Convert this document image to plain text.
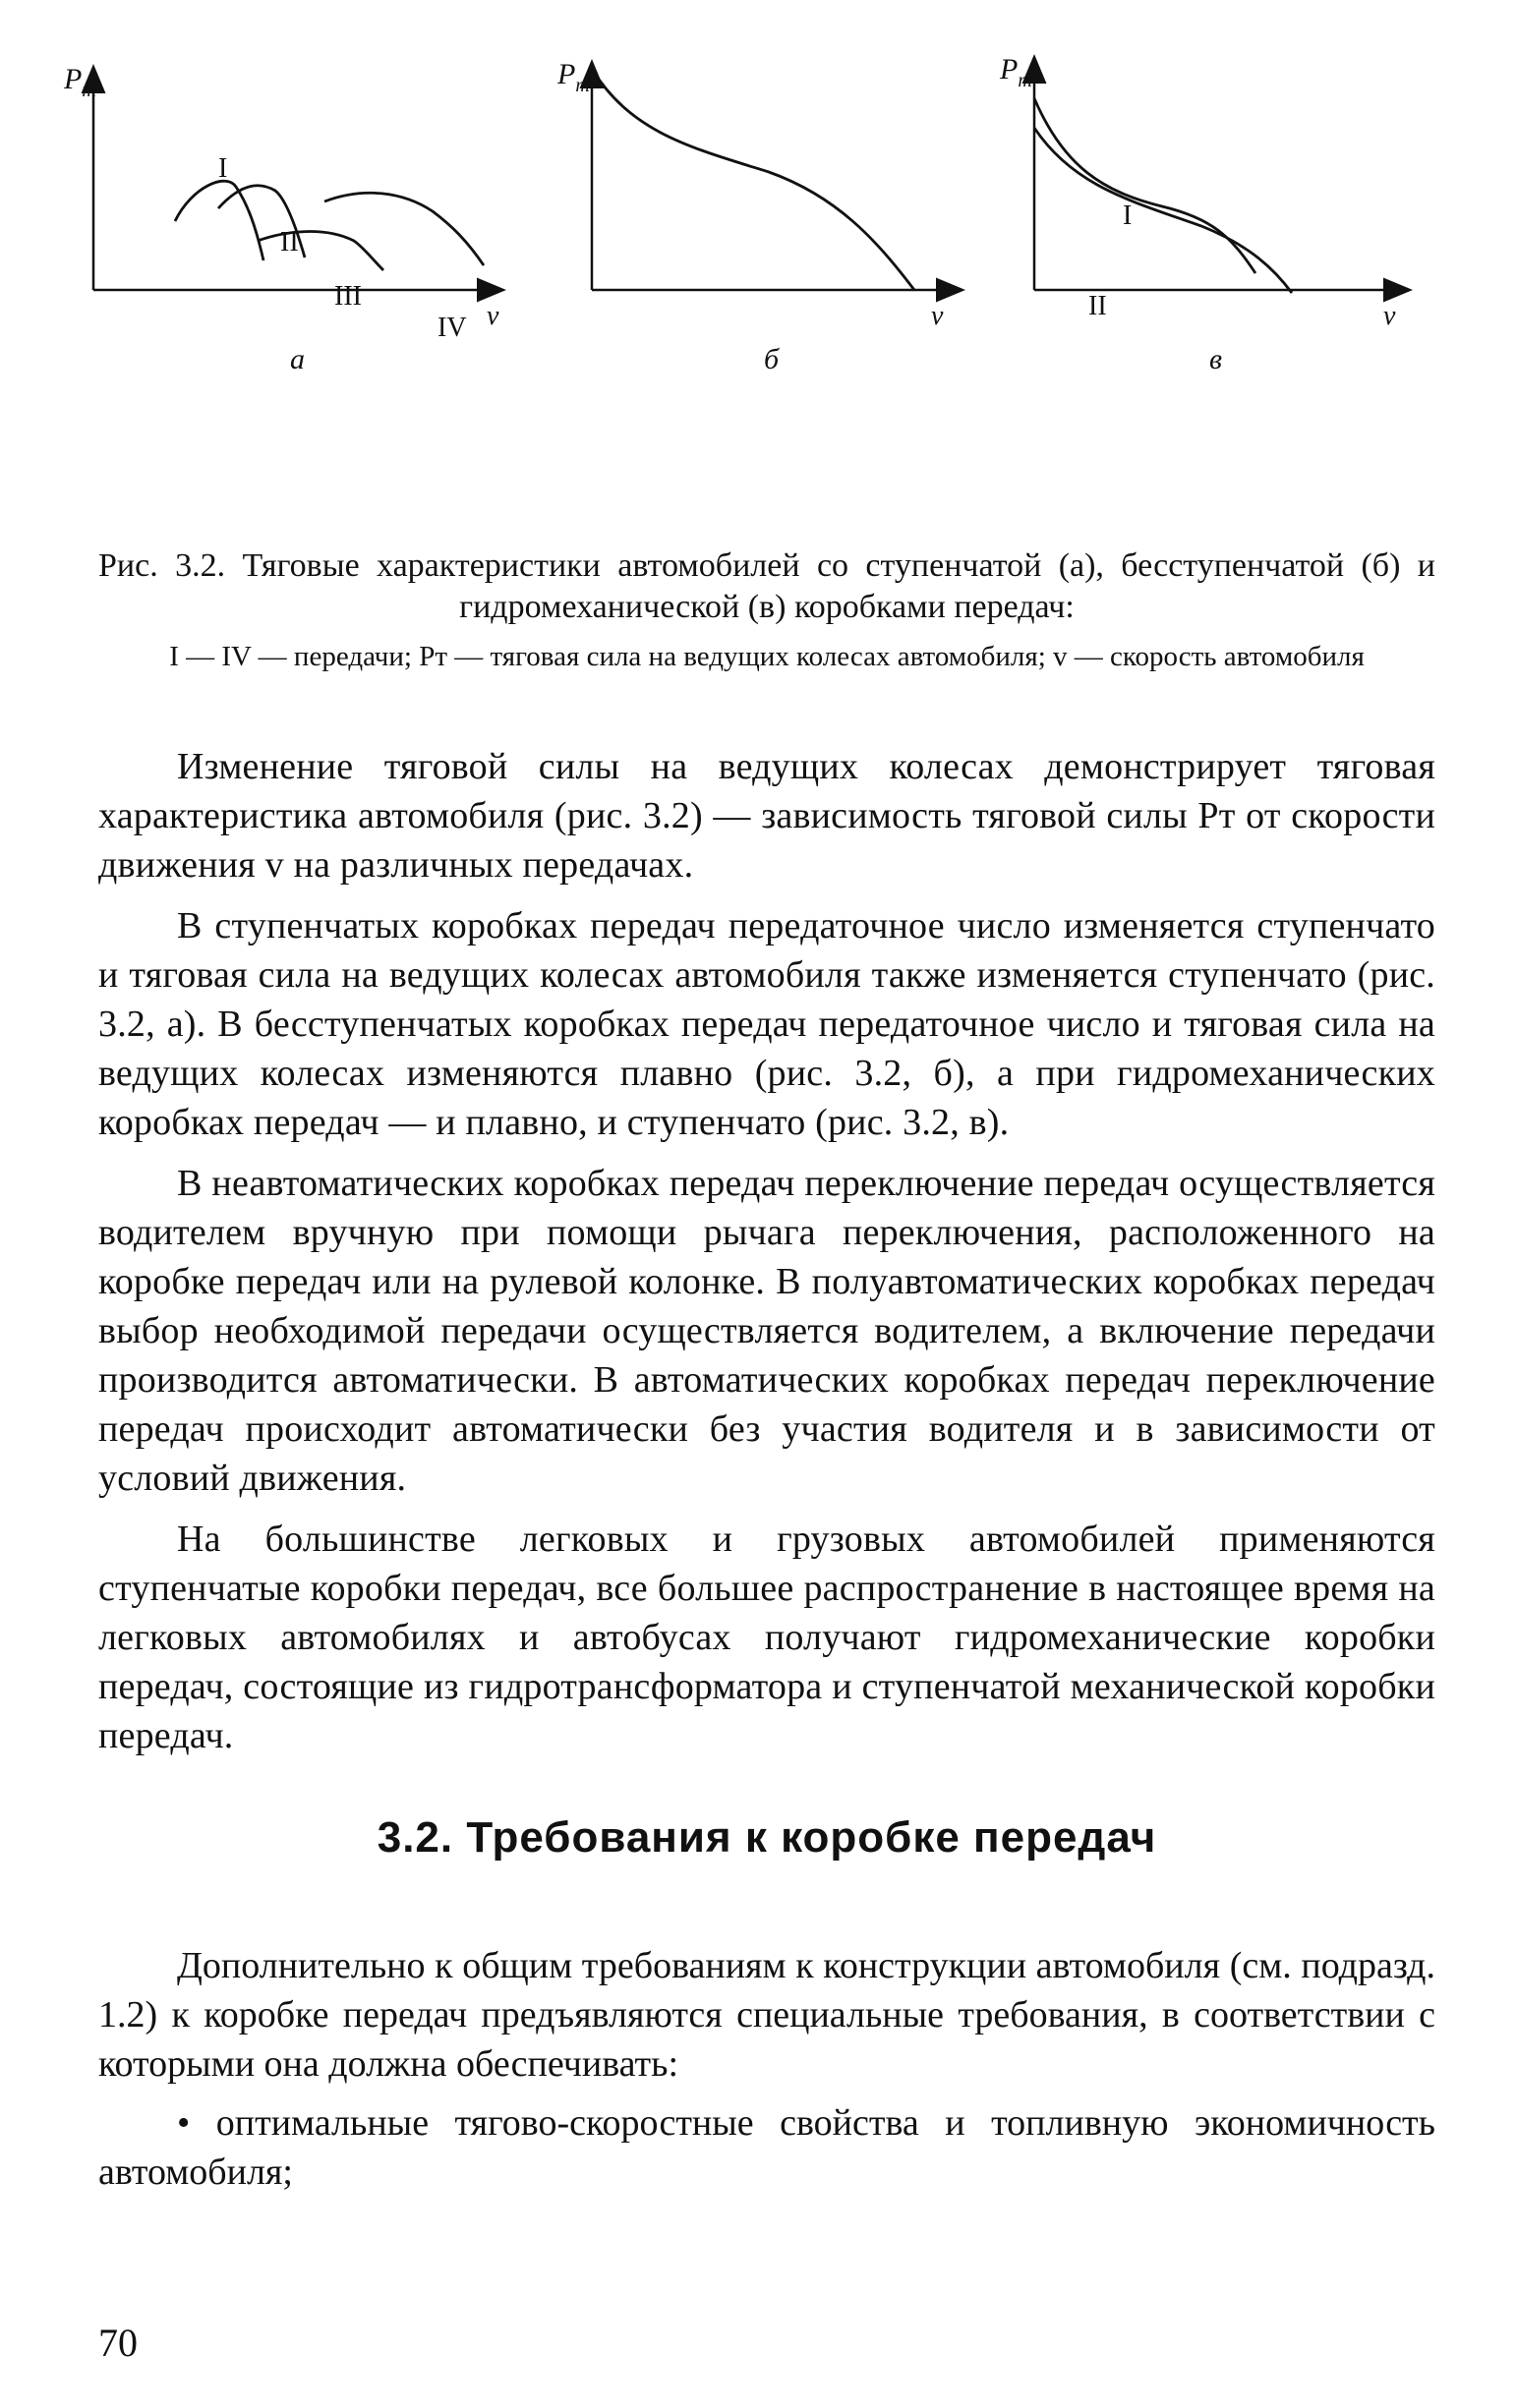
$P_т$
v
а
I
II
III
IV
$P_т$
v
б
$P_т$
v
в
I
II
Рис. 3.2. Тяговые характеристики автомобилей со ступенчатой (а), бесступенчатой (б) и гидромеханической (в) коробками передач:
I — IV — передачи; Pт — тяговая сила на ведущих колесах автомобиля; v — скорость автомобиля

Изменение тяговой силы на ведущих колесах демонстрирует тяговая характеристика автомобиля (рис. 3.2) — зависимость тяговой силы Pт от скорости движения v на различных передачах.

В ступенчатых коробках передач передаточное число изменяется ступенчато и тяговая сила на ведущих колесах автомобиля также изменяется ступенчато (рис. 3.2, а). В бесступенчатых коробках передач передаточное число и тяговая сила на ведущих колесах изменяются плавно (рис. 3.2, б), а при гидромеханических коробках передач — и плавно, и ступенчато (рис. 3.2, в).

В неавтоматических коробках передач переключение передач осуществляется водителем вручную при помощи рычага переключения, расположенного на коробке передач или на рулевой колонке. В полуавтоматических коробках передач выбор необходимой передачи осуществляется водителем, а включение передачи производится автоматически. В автоматических коробках передач переключение передач происходит автоматически без участия водителя и в зависимости от условий движения.

На большинстве легковых и грузовых автомобилей применяются ступенчатые коробки передач, все большее распространение в настоящее время на легковых автомобилях и автобусах получают гидромеханические коробки передач, состоящие из гидротрансформатора и ступенчатой механической коробки передач.

3.2. Требования к коробке передач

Дополнительно к общим требованиям к конструкции автомобиля (см. подразд. 1.2) к коробке передач предъявляются специальные требования, в соответствии с которыми она должна обеспечивать:

• оптимальные тягово-скоростные свойства и топливную экономичность автомобиля;

70
